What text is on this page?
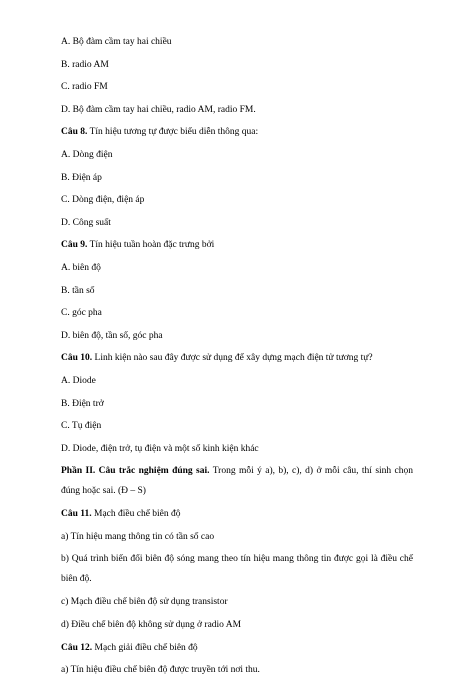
A. Bộ đàm cầm tay hai chiều
B. radio AM
C. radio FM
D. Bộ đàm cầm tay hai chiều, radio AM, radio FM.
Câu 8. Tín hiệu tương tự được biểu diễn thông qua:
A. Dòng điện
B. Điện áp
C. Dòng điện, điện áp
D. Công suất
Câu 9. Tín hiệu tuần hoàn đặc trưng bởi
A. biên độ
B. tần số
C. góc pha
D. biên độ, tần số, góc pha
Câu 10. Linh kiện nào sau đây được sử dụng để xây dựng mạch điện tử tương tự?
A. Diode
B. Điện trở
C. Tụ điện
D. Diode, điện trở, tụ điện và một số kinh kiện khác
Phần II. Câu trắc nghiệm đúng sai. Trong mỗi ý a), b), c), d) ở mỗi câu, thí sinh chọn đúng hoặc sai. (Đ – S)
Câu 11. Mạch điều chế biên độ
a) Tín hiệu mang thông tin có tần số cao
b) Quá trình biến đổi biên độ sóng mang theo tín hiệu mang thông tin được gọi là điều chế biên độ.
c) Mạch điều chế biên độ sử dụng transistor
d) Điều chế biên độ không sử dụng ở radio AM
Câu 12. Mạch giải điều chế biên độ
a) Tín hiệu điều chế biên độ được truyền tới nơi thu.
